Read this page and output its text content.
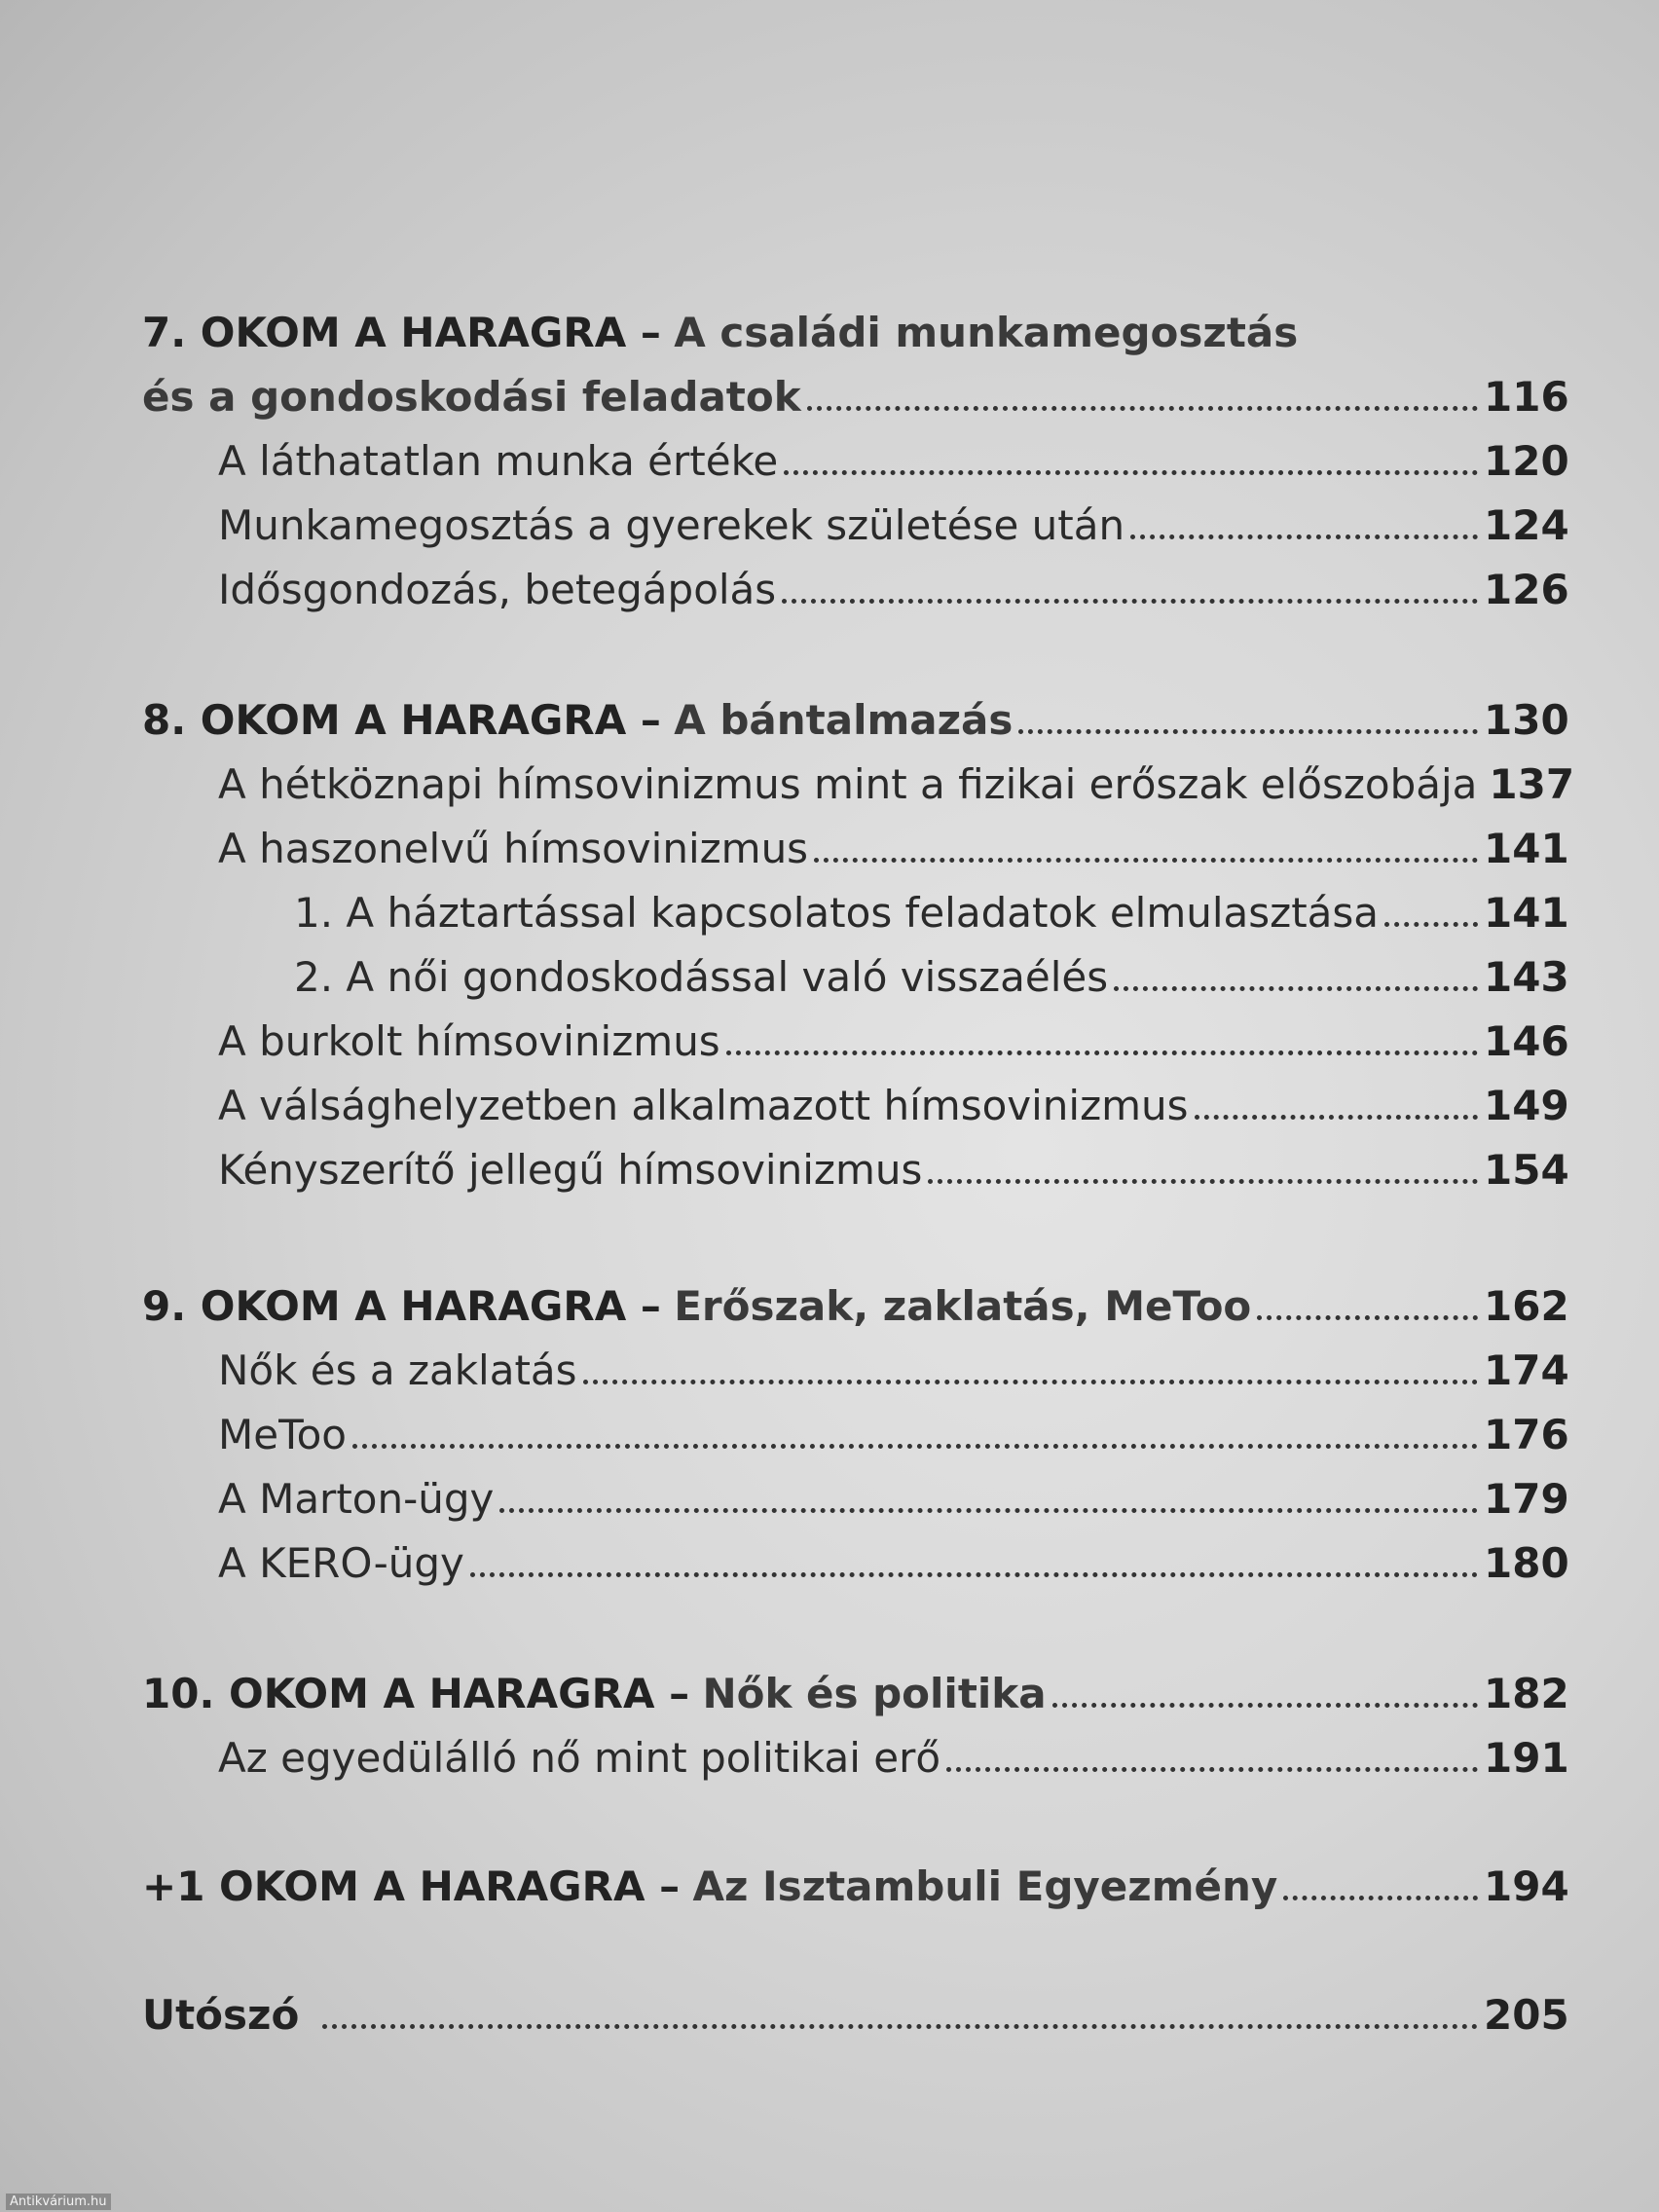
7. OKOM A HARAGRA –
A családi munkamegosztás
és a gondoskodási feladatok	116
A láthatatlan munka értéke	120
Munkamegosztás a gyerekek születése után	124
Idősgondozás, betegápolás	126
8. OKOM A HARAGRA –
A bántalmazás	130
A hétköznapi hímsovinizmus mint a fizikai erőszak előszobája 137
A haszonelvű hímsovinizmus	141
1. A háztartással kapcsolatos feladatok elmulasztása	141
2. A női gondoskodással való visszaélés	143
A burkolt hímsovinizmus	146
A válsághelyzetben alkalmazott hímsovinizmus	149
Kényszerítő jellegű hímsovinizmus	154
9. OKOM A HARAGRA –
Erőszak, zaklatás, MeToo	162
Nők és a zaklatás	174
MeToo	176
A Marton-ügy	179
A KERO-ügy	180
10. OKOM A HARAGRA –
Nők és politika	182
Az egyedülálló nő mint politikai erő	191
+1 OKOM A HARAGRA –
Az Isztambuli Egyezmény	194
Utószó	205
Antikvárium.hu
